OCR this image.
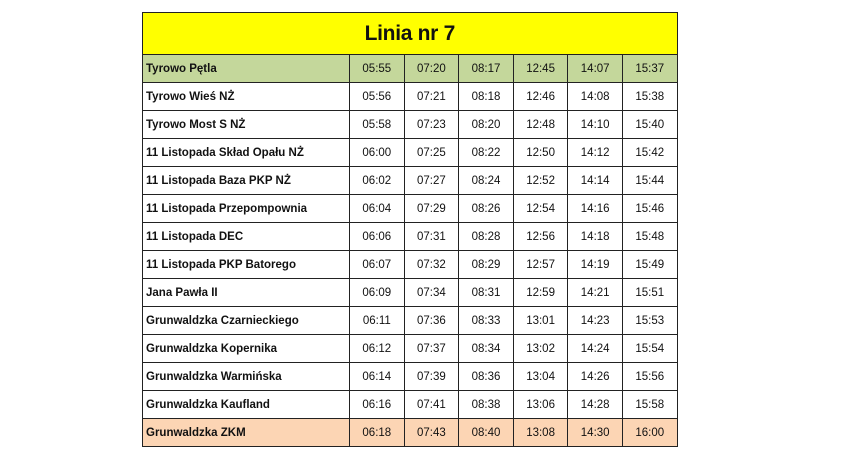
Linia nr 7						
Tyrowo Pętla	05:55	07:20	08:17	12:45	14:07	15:37
Tyrowo Wieś NŻ	05:56	07:21	08:18	12:46	14:08	15:38
Tyrowo Most S NŻ	05:58	07:23	08:20	12:48	14:10	15:40
11 Listopada Skład Opału NŻ	06:00	07:25	08:22	12:50	14:12	15:42
11 Listopada Baza PKP NŻ	06:02	07:27	08:24	12:52	14:14	15:44
11 Listopada Przepompownia	06:04	07:29	08:26	12:54	14:16	15:46
11 Listopada DEC	06:06	07:31	08:28	12:56	14:18	15:48
11 Listopada PKP Batorego	06:07	07:32	08:29	12:57	14:19	15:49
Jana Pawła II	06:09	07:34	08:31	12:59	14:21	15:51
Grunwaldzka Czarnieckiego	06:11	07:36	08:33	13:01	14:23	15:53
Grunwaldzka Kopernika	06:12	07:37	08:34	13:02	14:24	15:54
Grunwaldzka Warmińska	06:14	07:39	08:36	13:04	14:26	15:56
Grunwaldzka Kaufland	06:16	07:41	08:38	13:06	14:28	15:58
Grunwaldzka ZKM	06:18	07:43	08:40	13:08	14:30	16:00
